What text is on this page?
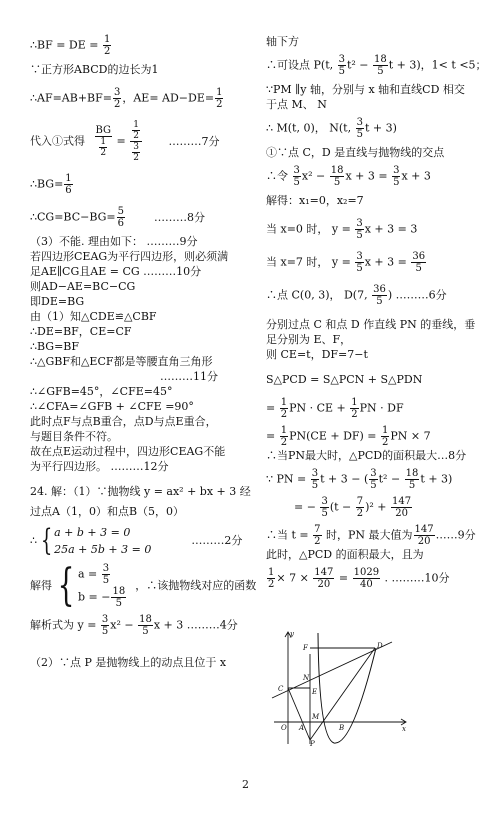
∴BF = DE = $\frac{1}{2}$
∵正方形ABCD的边长为1
∴AF=AB+BF= $\frac{3}{2}$ ，$AE= AD-DE= \frac{1}{2}$
代入①式得 $\frac{BG}{\frac{1}{2}} = \frac{\frac{1}{2}}{\frac{3}{2}}$ ………7分
∴BG= $\frac{1}{6}$
∴CG=BC−BG= $\frac{5}{6}$	………8分
（3）不能. 理由如下： ………9分
若四边形CEAG为平行四边形，则必须满
足AE∥CG且AE = CG ………10分
则AD−AE=BC−CG
即DE=BG
由（1）知△CDE≌△CBF
∴DE=BF，CE=CF
∴BG=BF
∴△GBF和△ECF都是等腰直角三角形
………11分
∴∠GFB=45°，∠CFE=45°
∴∠CFA=∠GFB + ∠CFE =90°
此时点F与点B重合，点D与点E重合，
与题目条件不符。
故在点E运动过程中，四边形CEAG不能
为平行四边形。 ………12分
24. 解：（1）∵抛物线 y = ax² + bx + 3 经
过点A（1，0）和点B（5，0）
∴ { a + b + 3 = 0
25a + 5b + 3 = 0………2分
解得 { $a = \frac{3}{5}$

b = − $\frac{18}{5}$
，∴该抛物线对应的函数
解析式为 $y = \frac{3}{5} x^2 - \frac{18}{5}$ x + 3 ………4分
（2）∵点 P 是抛物线上的动点且位于 x
轴下方
∴可设点 P(t, $\frac{3}{5} t^2 - \frac{18}{5}$ t + 3)，1< t <5；
∵PM ∥y 轴，分别与 x 轴和直线CD 相交
于点 M、 N
∴ M(t, 0)， N(t, $\frac{3}{5}$ t + 3)
①∵点 C，D 是直线与抛物线的交点
∴令 $\frac{3}{5} x^2 - \frac{18}{5}$ $x + 3 = \frac{3}{5}$ x + 3
解得：x₁=0，x₂=7
当 x=0 时， $y = \frac{3}{5}$ x + 3 = 3
当 x=7 时， $y = \frac{3}{5}$ $x + 3 = \frac{36}{5}$
∴点 C(0, 3)， D(7, $\frac{36}{5}$ ) ………6分
分别过点 C 和点 D 作直线 PN 的垂线，垂
足分别为 E、F，
则 CE=t，DF=7−t
S△PCD = S△PCN + S△PDN
= $\frac{1}{2}$ PN · CE + $\frac{1}{2}$ PN · DF
= $\frac{1}{2} PN(CE + DF) = \frac{1}{2}$ PN × 7
∴当PN最大时，△PCD的面积最大…8分
∵ PN = $\frac{3}{5}$ t + 3 − ( $\frac{3}{5} t^2 - \frac{18}{5}$ t + 3)
= − $\frac{3}{5} (t - \frac{7}{2} )^2 + \frac{147}{20}$
∴当 $t = \frac{7}{2}$ 时，PN 最大值为 $\frac{147}{20}$ ……9分
此时，△PCD 的面积最大，且为
$\frac{1}{2} \times 7 \times \frac{147}{20} = \frac{1029}{40}$ . ………10分
y
x
O A	B
M
P
C
N
E
F	D
2
